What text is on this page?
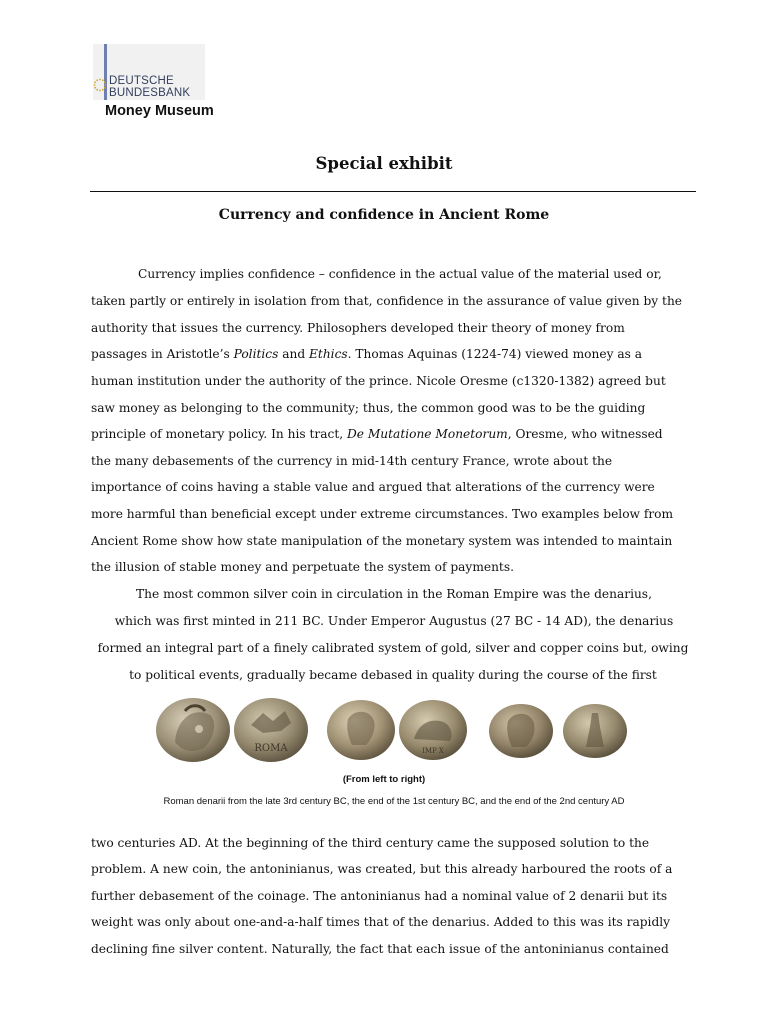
DEUTSCHE
BUNDESBANK
Money Museum
Special exhibit
Currency and confidence in Ancient Rome
Currency implies confidence – confidence in the actual value of the material used or,
taken partly or entirely in isolation from that, confidence in the assurance of value given by the
authority that issues the currency. Philosophers developed their theory of money from
passages in Aristotle’s Politics and Ethics. Thomas Aquinas (1224-74) viewed money as a
human institution under the authority of the prince. Nicole Oresme (c1320-1382) agreed but
saw money as belonging to the community; thus, the common good was to be the guiding
principle of monetary policy. In his tract, De Mutatione Monetorum, Oresme, who witnessed
the many debasements of the currency in mid-14th century France, wrote about the
importance of coins having a stable value and argued that alterations of the currency were
more harmful than beneficial except under extreme circumstances. Two examples below from
Ancient Rome show how state manipulation of the monetary system was intended to maintain
the illusion of stable money and perpetuate the system of payments.
The most common silver coin in circulation in the Roman Empire was the denarius,
which was first minted in 211 BC. Under Emperor Augustus (27 BC - 14 AD), the denarius
formed an integral part of a finely calibrated system of gold, silver and copper coins but, owing
to political events, gradually became debased in quality during the course of the first
ROMA	IMP X
(From left to right)
Roman denarii from the late 3rd century BC, the end of the 1st century BC, and the end of the 2nd century AD
two centuries AD. At the beginning of the third century came the supposed solution to the
problem. A new coin, the antoninianus, was created, but this already harboured the roots of a
further debasement of the coinage. The antoninianus had a nominal value of 2 denarii but its
weight was only about one-and-a-half times that of the denarius. Added to this was its rapidly
declining fine silver content. Naturally, the fact that each issue of the antoninianus contained
